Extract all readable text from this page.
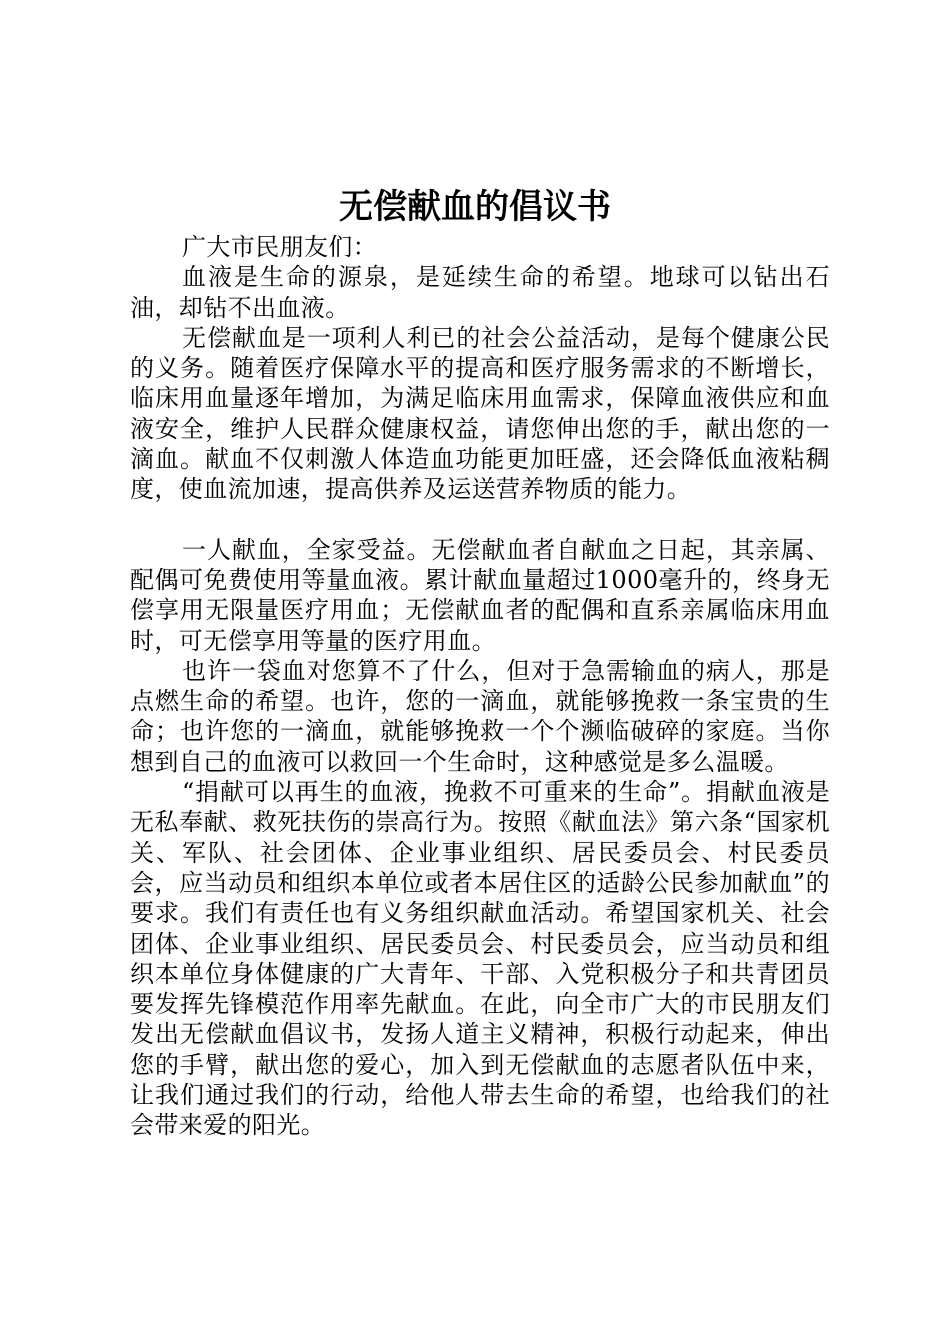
无偿献血的倡议书

广大市民朋友们：

血液是生命的源泉，是延续生命的希望。地球可以钻出石油，却钻不出血液。

无偿献血是一项利人利已的社会公益活动，是每个健康公民的义务。随着医疗保障水平的提高和医疗服务需求的不断增长，临床用血量逐年增加，为满足临床用血需求，保障血液供应和血液安全，维护人民群众健康权益，请您伸出您的手，献出您的一滴血。献血不仅刺激人体造血功能更加旺盛，还会降低血液粘稠度，使血流加速，提高供养及运送营养物质的能力。

一人献血，全家受益。无偿献血者自献血之日起，其亲属、配偶可免费使用等量血液。累计献血量超过1000毫升的，终身无偿享用无限量医疗用血；无偿献血者的配偶和直系亲属临床用血时，可无偿享用等量的医疗用血。

也许一袋血对您算不了什么，但对于急需输血的病人，那是点燃生命的希望。也许，您的一滴血，就能够挽救一条宝贵的生命；也许您的一滴血，就能够挽救一个个濒临破碎的家庭。当你想到自己的血液可以救回一个生命时，这种感觉是多么温暖。

“捐献可以再生的血液，挽救不可重来的生命”。捐献血液是无私奉献、救死扶伤的崇高行为。按照《献血法》第六条“国家机关、军队、社会团体、企业事业组织、居民委员会、村民委员会，应当动员和组织本单位或者本居住区的适龄公民参加献血”的要求。我们有责任也有义务组织献血活动。希望国家机关、社会团体、企业事业组织、居民委员会、村民委员会，应当动员和组织本单位身体健康的广大青年、干部、入党积极分子和共青团员要发挥先锋模范作用率先献血。在此，向全市广大的市民朋友们发出无偿献血倡议书，发扬人道主义精神，积极行动起来，伸出您的手臂，献出您的爱心，加入到无偿献血的志愿者队伍中来，让我们通过我们的行动，给他人带去生命的希望，也给我们的社会带来爱的阳光。
